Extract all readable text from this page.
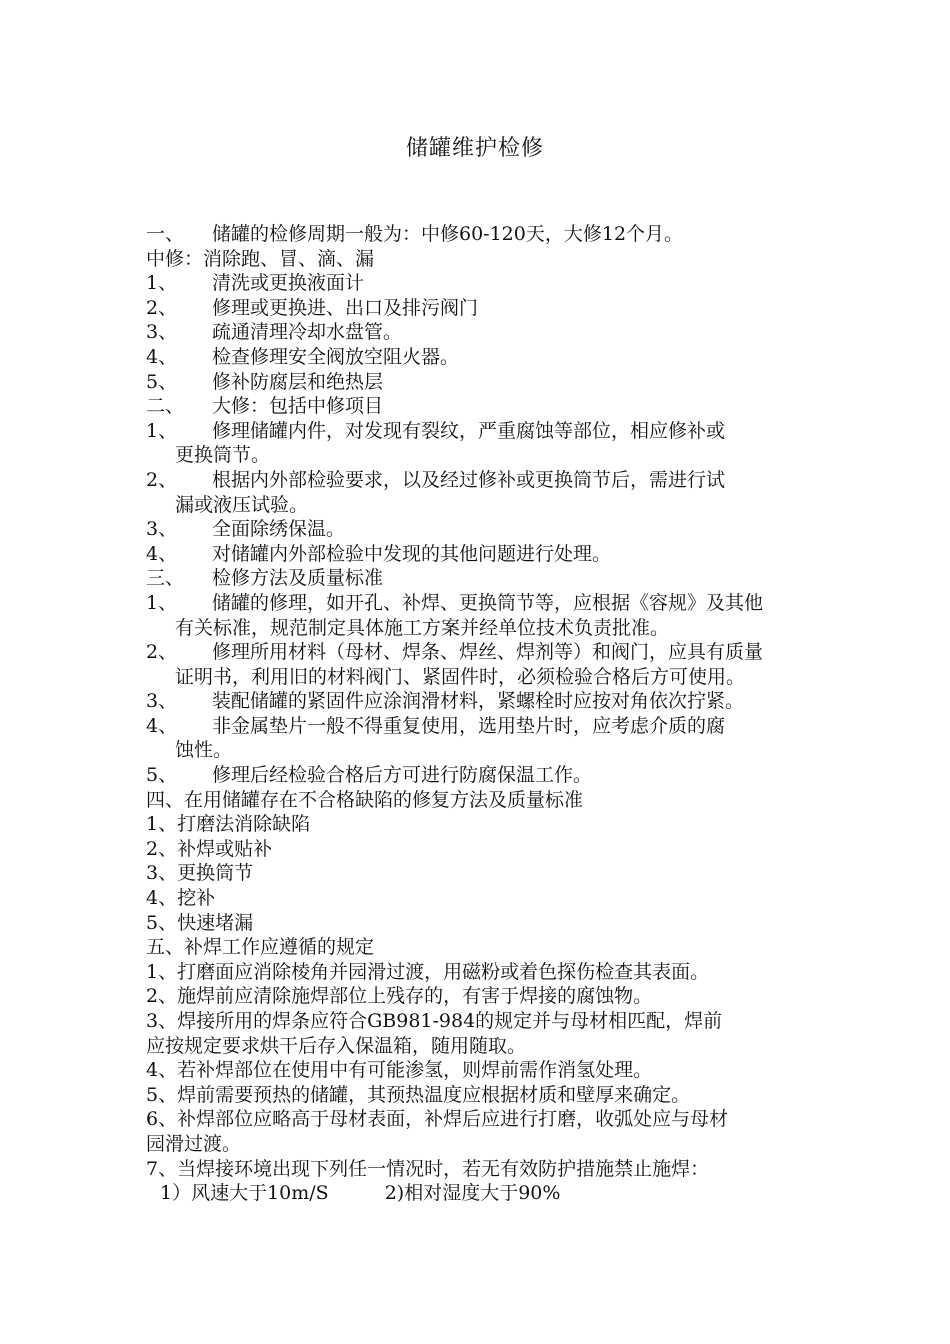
储罐维护检修
一、 储罐的检修周期一般为：中修60-120天，大修12个月。
中修：消除跑、冒、滴、漏
1、 清洗或更换液面计
2、 修理或更换进、出口及排污阀门
3、 疏通清理冷却水盘管。
4、 检查修理安全阀放空阻火器。
5、 修补防腐层和绝热层
二、 大修：包括中修项目
1、 修理储罐内件，对发现有裂纹，严重腐蚀等部位，相应修补或
更换筒节。
2、 根据内外部检验要求，以及经过修补或更换筒节后，需进行试
漏或液压试验。
3、 全面除绣保温。
4、 对储罐内外部检验中发现的其他问题进行处理。
三、 检修方法及质量标准
1、 储罐的修理，如开孔、补焊、更换筒节等，应根据《容规》及其他
有关标准，规范制定具体施工方案并经单位技术负责批准。
2、 修理所用材料（母材、焊条、焊丝、焊剂等）和阀门，应具有质量
证明书，利用旧的材料阀门、紧固件时，必须检验合格后方可使用。
3、 装配储罐的紧固件应涂润滑材料，紧螺栓时应按对角依次拧紧。
4、 非金属垫片一般不得重复使用，选用垫片时，应考虑介质的腐
蚀性。
5、 修理后经检验合格后方可进行防腐保温工作。
四、在用储罐存在不合格缺陷的修复方法及质量标准
1、打磨法消除缺陷
2、补焊或贴补
3、更换筒节
4、挖补
5、快速堵漏
五、补焊工作应遵循的规定
1、打磨面应消除棱角并园滑过渡，用磁粉或着色探伤检查其表面。
2、施焊前应清除施焊部位上残存的，有害于焊接的腐蚀物。
3、焊接所用的焊条应符合GB981-984的规定并与母材相匹配，焊前
应按规定要求烘干后存入保温箱，随用随取。
4、若补焊部位在使用中有可能渗氢，则焊前需作消氢处理。
5、焊前需要预热的储罐，其预热温度应根据材质和壁厚来确定。
6、补焊部位应略高于母材表面，补焊后应进行打磨，收弧处应与母材
园滑过渡。
7、当焊接环境出现下列任一情况时，若无有效防护措施禁止施焊：
1）风速大于10m/S	2)相对湿度大于90%
